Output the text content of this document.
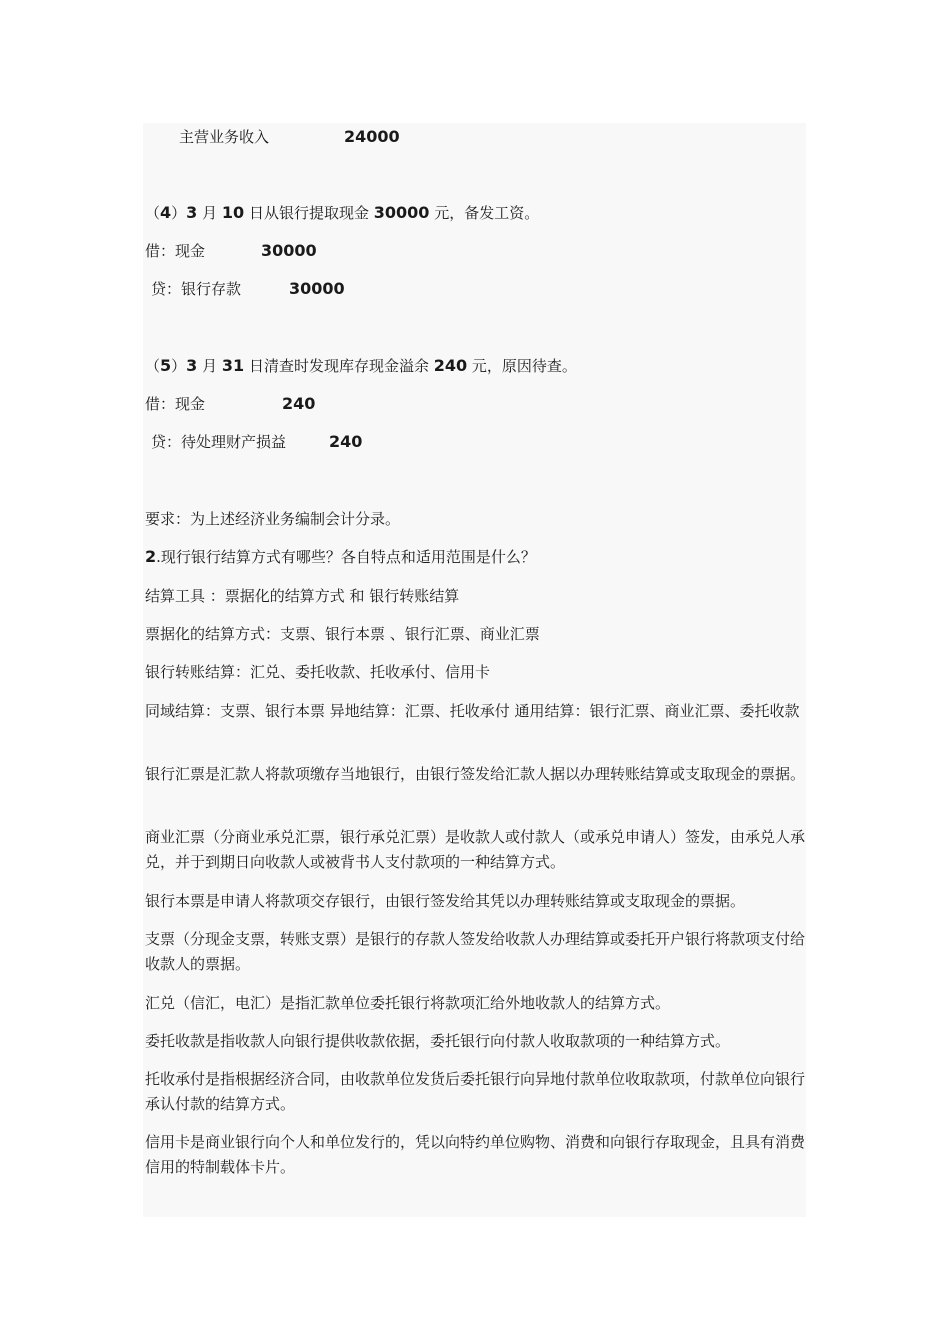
主营业务收入	24000
（4）3 月 10 日从银行提取现金 30000 元，备发工资。
借：现金	30000
贷：银行存款	30000
（5）3 月 31 日清查时发现库存现金溢余 240 元，原因待查。
借：现金	240
贷：待处理财产损益	240
要求：为上述经济业务编制会计分录。
2.现行银行结算方式有哪些？各自特点和适用范围是什么？
结算工具 ：票据化的结算方式 和 银行转账结算
票据化的结算方式：支票、银行本票 、银行汇票、商业汇票
银行转账结算：汇兑、委托收款、托收承付、信用卡
同域结算：支票、银行本票 异地结算：汇票、托收承付 通用结算：银行汇票、商业汇票、委托收款
银行汇票是汇款人将款项缴存当地银行，由银行签发给汇款人据以办理转账结算或支取现金的票据。
商业汇票（分商业承兑汇票，银行承兑汇票）是收款人或付款人（或承兑申请人）签发，由承兑人承兑，并于到期日向收款人或被背书人支付款项的一种结算方式。
银行本票是申请人将款项交存银行，由银行签发给其凭以办理转账结算或支取现金的票据。
支票（分现金支票，转账支票）是银行的存款人签发给收款人办理结算或委托开户银行将款项支付给收款人的票据。
汇兑（信汇，电汇）是指汇款单位委托银行将款项汇给外地收款人的结算方式。
委托收款是指收款人向银行提供收款依据，委托银行向付款人收取款项的一种结算方式。
托收承付是指根据经济合同，由收款单位发货后委托银行向异地付款单位收取款项，付款单位向银行承认付款的结算方式。
信用卡是商业银行向个人和单位发行的，凭以向特约单位购物、消费和向银行存取现金，且具有消费信用的特制载体卡片。
